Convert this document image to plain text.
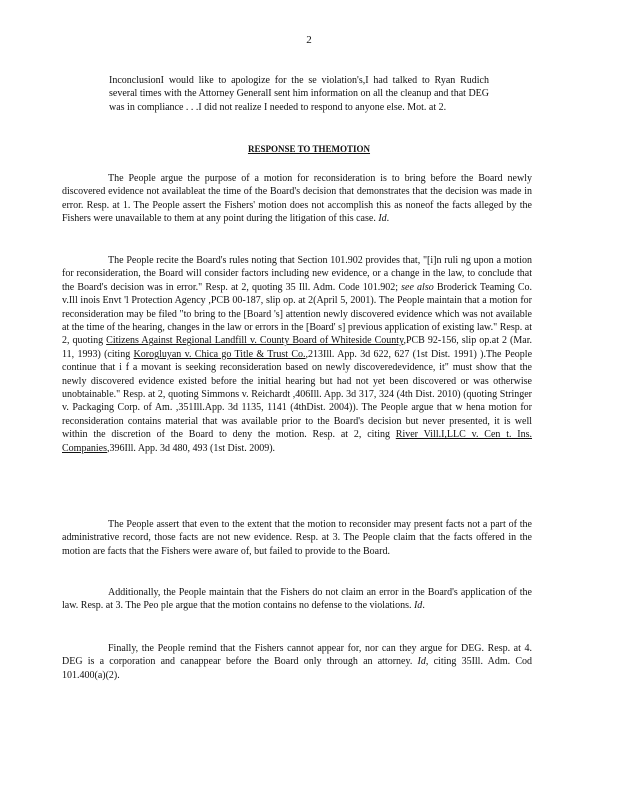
2
InconclusionI would like to apologize for the se violation's,I had talked to Ryan Rudich several times with the Attorney GeneralI sent him information on all the cleanup and that DEG was in compliance . . .I did not realize I needed to respond to anyone else. Mot. at 2.
RESPONSE TO THEMOTION
The People argue the purpose of a motion for reconsideration is to bring before the Board newly discovered evidence not availableat the time of the Board's decision that demonstrates that the decision was made in error. Resp. at 1. The People assert the Fishers' motion does not accomplish this as noneof the facts alleged by the Fishers were unavailable to them at any point during the litigation of this case. Id.
The People recite the Board's rules noting that Section 101.902 provides that, "[i]n ruli ng upon a motion for reconsideration, the Board will consider factors including new evidence, or a change in the law, to conclude that the Board's decision was in error." Resp. at 2, quoting 35 Ill. Adm. Code 101.902; see also Broderick Teaming Co. v.Ill inois Envt 'l Protection Agency ,PCB 00-187, slip op. at 2(April 5, 2001). The People maintain that a motion for reconsideration may be filed "to bring to the [Board 's] attention newly discovered evidence which was not available at the time of the hearing, changes in the law or errors in the [Board' s] previous application of existing law." Resp. at 2, quoting Citizens Against Regional Landfill v. County Board of Whiteside County,PCB 92-156, slip op.at 2 (Mar. 11, 1993) (citing Korogluyan v. Chica go Title & Trust Co.,213Ill. App. 3d 622, 627 (1st Dist. 1991) ).The People continue that i f a movant is seeking reconsideration based on newly discoveredevidence, it" must show that the newly discovered evidence existed before the initial hearing but had not yet been discovered or was otherwise unobtainable." Resp. at 2, quoting Simmons v. Reichardt ,406Ill. App. 3d 317, 324 (4th Dist. 2010) (quoting Stringer v. Packaging Corp. of Am. ,351Ill.App. 3d 1135, 1141 (4thDist. 2004)). The People argue that w hena motion for reconsideration contains material that was available prior to the Board's decision but never presented, it is well within the discretion of the Board to deny the motion. Resp. at 2, citing River Vill.I,LLC v. Cen t. Ins. Companies,396Ill. App. 3d 480, 493 (1st Dist. 2009).
The People assert that even to the extent that the motion to reconsider may present facts not a part of the administrative record, those facts are not new evidence. Resp. at 3. The People claim that the facts offered in the motion are facts that the Fishers were aware of, but failed to provide to the Board.
Additionally, the People maintain that the Fishers do not claim an error in the Board's application of the law. Resp. at 3. The Peo ple argue that the motion contains no defense to the violations. Id.
Finally, the People remind that the Fishers cannot appear for, nor can they argue for DEG. Resp. at 4. DEG is a corporation and canappear before the Board only through an attorney. Id, citing 35Ill. Adm. Cod 101.400(a)(2).
